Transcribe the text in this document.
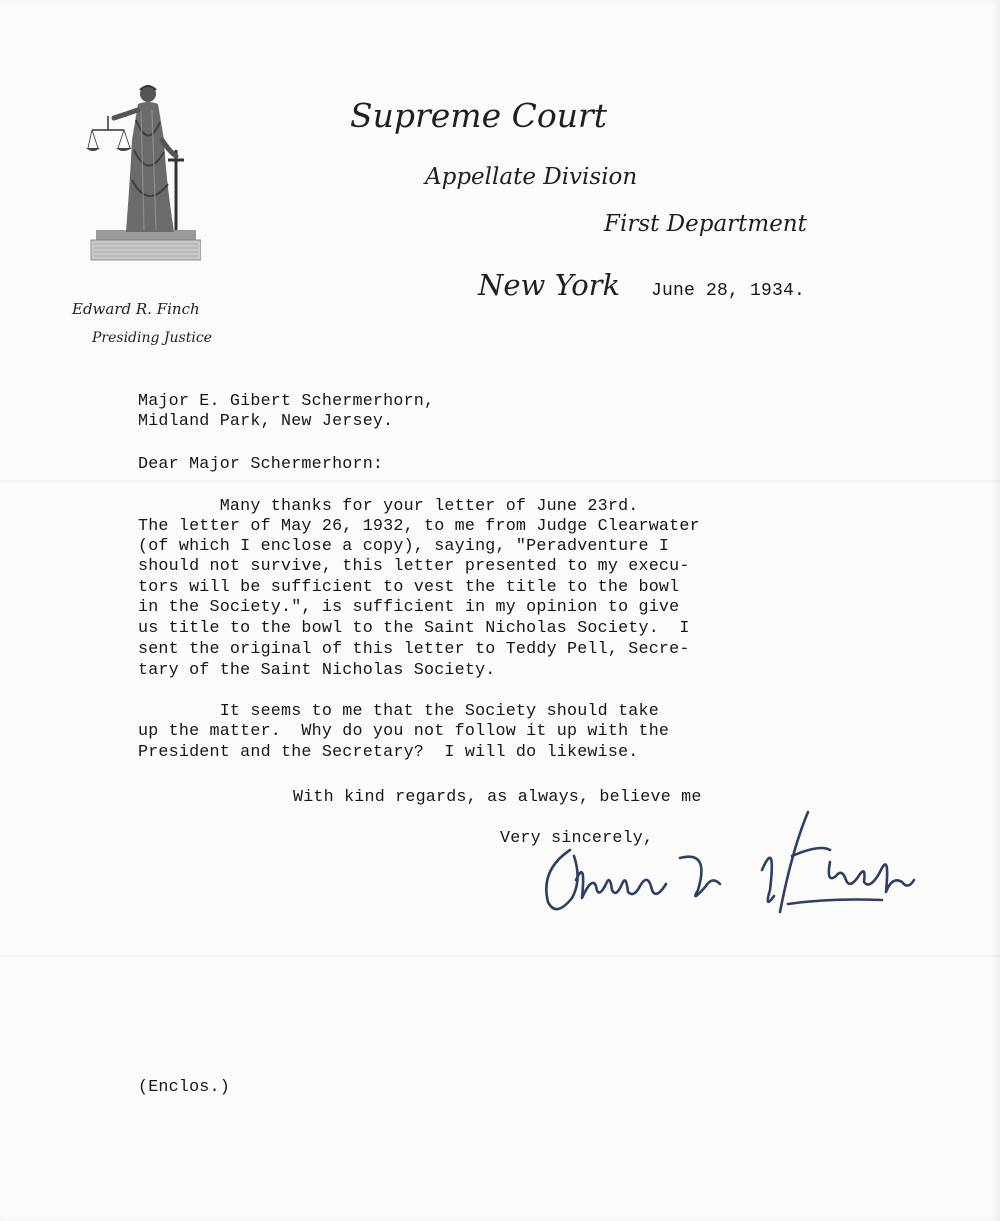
Supreme Court

Appellate Division

First Department

New York

Edward R. Finch

Presiding Justice

June 28, 1934.

Major E. Gibert Schermerhorn,

Midland Park, New Jersey.

Dear Major Schermerhorn:

Many thanks for your letter of June 23rd.

The letter of May 26, 1932, to me from Judge Clearwater

(of which I enclose a copy), saying, "Peradventure I

should not survive, this letter presented to my execu-

tors will be sufficient to vest the title to the bowl

in the Society.", is sufficient in my opinion to give

us title to the bowl to the Saint Nicholas Society.  I

sent the original of this letter to Teddy Pell, Secre-

tary of the Saint Nicholas Society.

It seems to me that the Society should take

up the matter.  Why do you not follow it up with the

President and the Secretary?  I will do likewise.

With kind regards, as always, believe me

Very sincerely,

(Enclos.)
